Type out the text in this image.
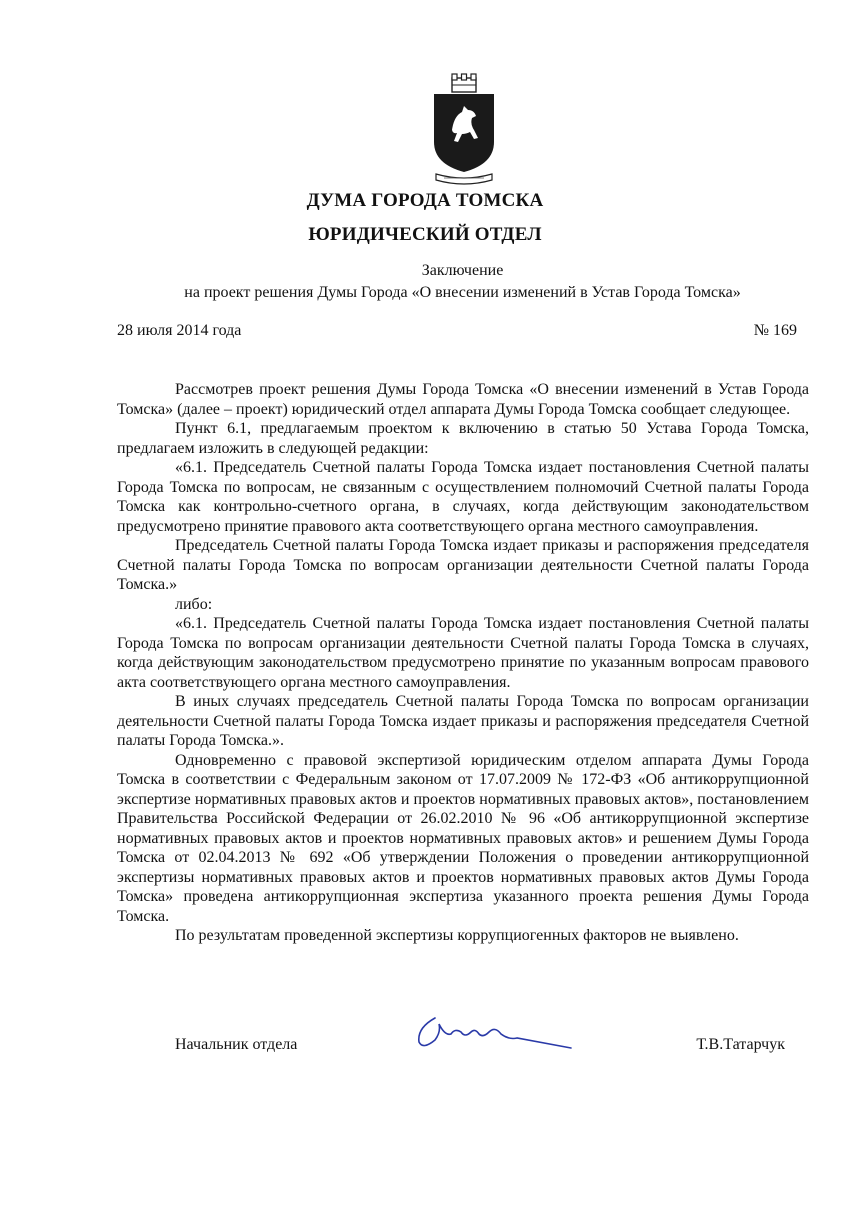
ДУМА ГОРОДА ТОМСКА
ЮРИДИЧЕСКИЙ ОТДЕЛ
Заключение
на проект решения Думы Города «О внесении изменений в Устав Города Томска»
28 июля 2014 года	№ 169

Рассмотрев проект решения Думы Города Томска «О внесении изменений в Устав Города Томска» (далее – проект) юридический отдел аппарата Думы Города Томска сообщает следующее.

Пункт 6.1, предлагаемым проектом к включению в статью 50 Устава Города Томска, предлагаем изложить в следующей редакции:

«6.1. Председатель Счетной палаты Города Томска издает постановления Счетной палаты Города Томска по вопросам, не связанным с осуществлением полномочий Счетной палаты Города Томска как контрольно-счетного органа, в случаях, когда действующим законодательством предусмотрено принятие правового акта соответствующего органа местного самоуправления.

Председатель Счетной палаты Города Томска издает приказы и распоряжения председателя Счетной палаты Города Томска по вопросам организации деятельности Счетной палаты Города Томска.»

либо:

«6.1. Председатель Счетной палаты Города Томска издает постановления Счетной палаты Города Томска по вопросам организации деятельности Счетной палаты Города Томска в случаях, когда действующим законодательством предусмотрено принятие по указанным вопросам правового акта соответствующего органа местного самоуправления.

В иных случаях председатель Счетной палаты Города Томска по вопросам организации деятельности Счетной палаты Города Томска издает приказы и распоряжения председателя Счетной палаты Города Томска.».

Одновременно с правовой экспертизой юридическим отделом аппарата Думы Города Томска в соответствии с Федеральным законом от 17.07.2009 № 172-ФЗ «Об антикоррупционной экспертизе нормативных правовых актов и проектов нормативных правовых актов», постановлением Правительства Российской Федерации от 26.02.2010 № 96 «Об антикоррупционной экспертизе нормативных правовых актов и проектов нормативных правовых актов» и решением Думы Города Томска от 02.04.2013 № 692 «Об утверждении Положения о проведении антикоррупционной экспертизы нормативных правовых актов и проектов нормативных правовых актов Думы Города Томска» проведена антикоррупционная экспертиза указанного проекта решения Думы Города Томска.

По результатам проведенной экспертизы коррупциогенных факторов не выявлено.

Начальник отдела	Т.В.Татарчук
